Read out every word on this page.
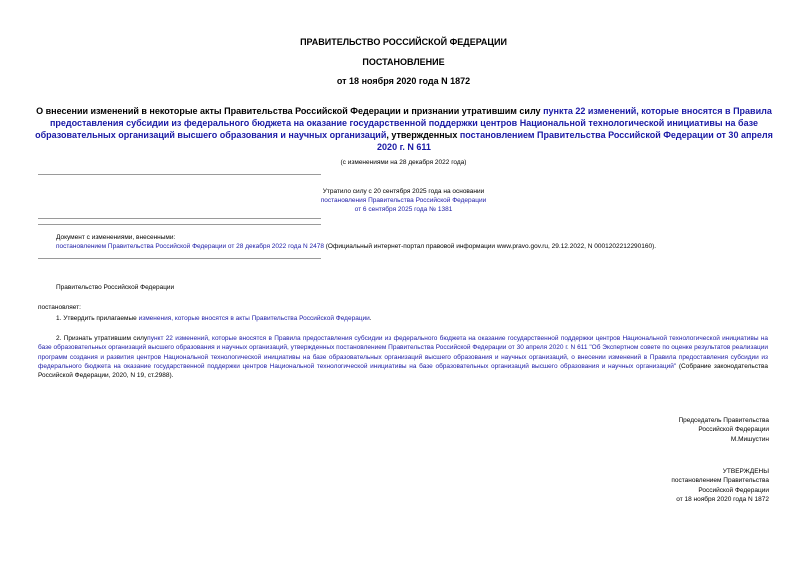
ПРАВИТЕЛЬСТВО РОССИЙСКОЙ ФЕДЕРАЦИИ
ПОСТАНОВЛЕНИЕ
от 18 ноября 2020 года N 1872
О внесении изменений в некоторые акты Правительства Российской Федерации и признании утратившим силу пункта 22 изменений, которые вносятся в Правила предоставления субсидии из федерального бюджета на оказание государственной поддержки центров Национальной технологической инициативы на базе образовательных организаций высшего образования и научных организаций, утвержденных постановлением Правительства Российской Федерации от 30 апреля 2020 г. N 611
(с изменениями на 28 декабря 2022 года)
Утратило силу с 20 сентября 2025 года на основании
постановления Правительства Российской Федерации
от 6 сентября 2025 года № 1381
Документ с изменениями, внесенными:
постановлением Правительства Российской Федерации от 28 декабря 2022 года N 2478 (Официальный интернет-портал правовой информации www.pravo.gov.ru, 29.12.2022, N 0001202212290160).
Правительство Российской Федерации
постановляет:
1. Утвердить прилагаемые изменения, которые вносятся в акты Правительства Российской Федерации.
2. Признать утратившим силупункт 22 изменений, которые вносятся в Правила предоставления субсидии из федерального бюджета на оказание государственной поддержки центров Национальной технологической инициативы на базе образовательных организаций высшего образования и научных организаций, утвержденных постановлением Правительства Российской Федерации от 30 апреля 2020 г. N 611 "Об Экспертном совете по оценке результатов реализации программ создания и развития центров Национальной технологической инициативы на базе образовательных организаций высшего образования и научных организаций, о внесении изменений в Правила предоставления субсидии из федерального бюджета на оказание государственной поддержки центров Национальной технологической инициативы на базе образовательных организаций высшего образования и научных организаций" (Собрание законодательства Российской Федерации, 2020, N 19, ст.2988).
Председатель Правительства
Российской Федерации
М.Мишустин
УТВЕРЖДЕНЫ
постановлением Правительства
Российской Федерации
от 18 ноября 2020 года N 1872
